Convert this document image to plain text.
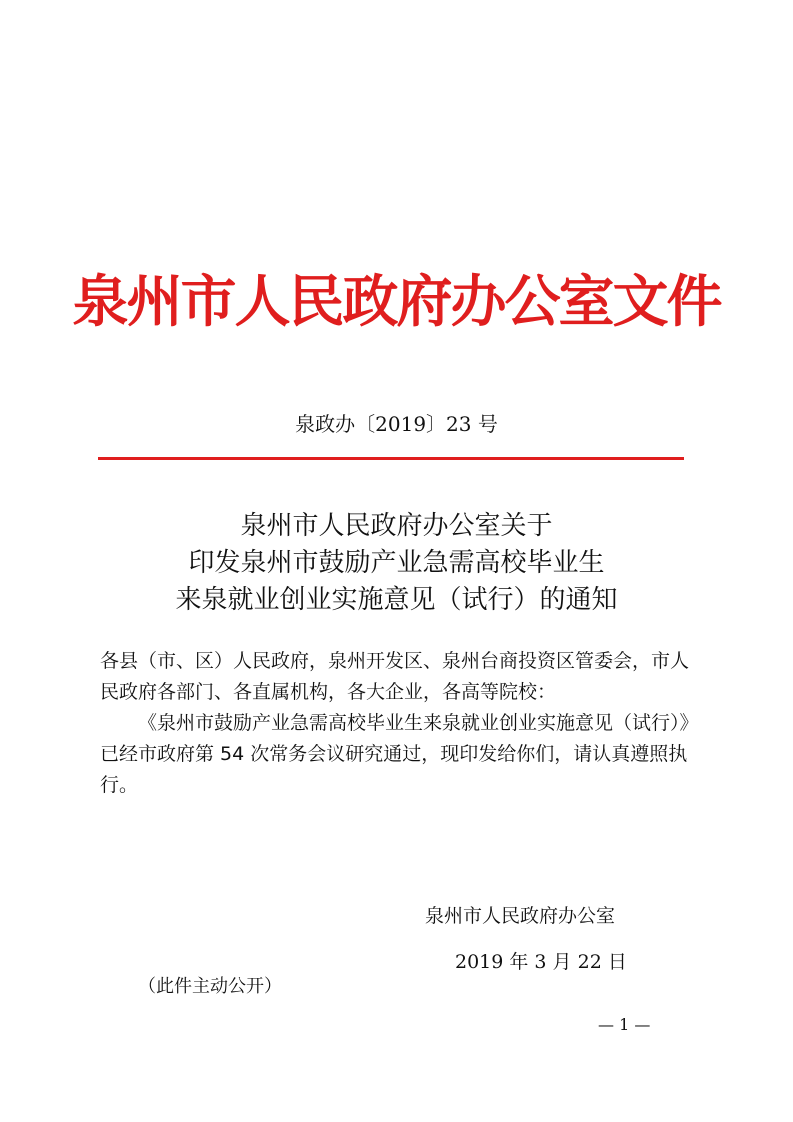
泉州市人民政府办公室文件
泉政办〔2019〕23 号
泉州市人民政府办公室关于
印发泉州市鼓励产业急需高校毕业生
来泉就业创业实施意见（试行）的通知

各县（市、区）人民政府，泉州开发区、泉州台商投资区管委会，市人民政府各部门、各直属机构，各大企业，各高等院校：

《泉州市鼓励产业急需高校毕业生来泉就业创业实施意见（试行）》已经市政府第 54 次常务会议研究通过，现印发给你们，请认真遵照执行。

泉州市人民政府办公室
2019 年 3 月 22 日
（此件主动公开）
— 1 —
